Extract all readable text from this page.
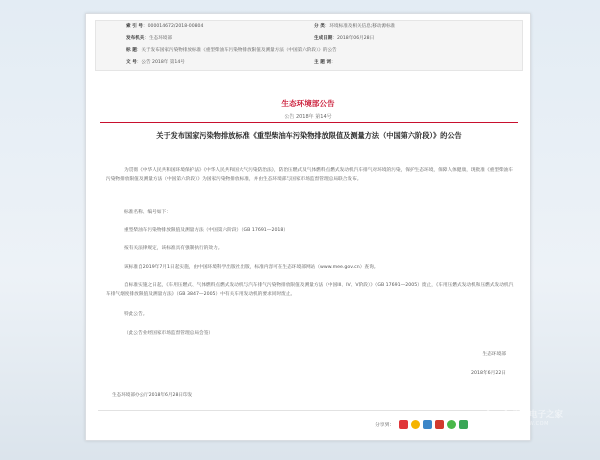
索 引 号：000014672/2018-00804	分 类：环境标准及相关信息;移动源标准
发布机关：生态环境部	生成日期：2018年06月28日
标 题：关于发布国家污染物排放标准《重型柴油车污染物排放限值及测量方法（中国第六阶段）》的公告
文 号：公告 2018年 第14号	主 题 词：
生态环境部公告
公告 2018年 第14号
关于发布国家污染物排放标准《重型柴油车污染物排放限值及测量方法（中国第六阶段）》的公告
为贯彻《中华人民共和国环境保护法》《中华人民共和国大气污染防治法》，防治压燃式及气体燃料点燃式发动机汽车排气对环境的污染，保护生态环境，保障人体健康，现批准《重型柴油车污染物排放限值及测量方法（中国第六阶段）》为国家污染物排放标准，并由生态环境部与国家市场监督管理总局联合发布。
标准名称、编号如下：
重型柴油车污染物排放限值及测量方法（中国第六阶段）（GB 17691—2018）
按有关法律规定，该标准具有强制执行的效力。
该标准自2019年7月1日起实施，由中国环境科学出版社出版，标准内容可在生态环境部网站（www.mee.gov.cn）查询。
自标准实施之日起，《车用压燃式、气体燃料点燃式发动机与汽车排气污染物排放限值及测量方法（中国III、IV、V阶段）》（GB 17691—2005）废止，《车用压燃式发动机和压燃式发动机汽车排气烟度排放限值及测量方法》（GB 3847—2005）中有关车用发动机的要求同时废止。
特此公告。
（此公告业经国家市场监督管理总局会签）
生态环境部
2018年6月22日
生态环境部办公厅2018年6月28日印发
分享到：
汽车电子之家
QCDZW.COM
